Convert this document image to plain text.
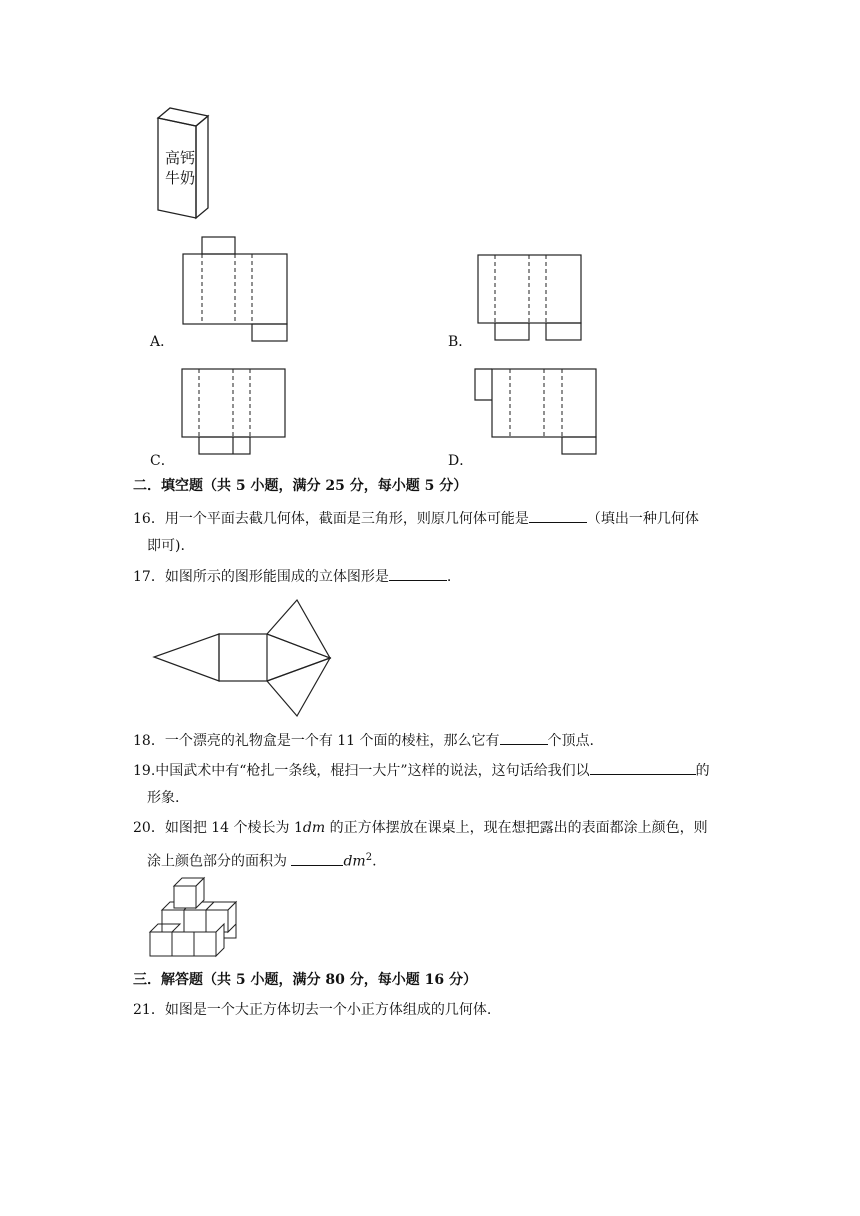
高钙
牛奶
A．	B．
C．	D．
二．填空题（共 5 小题，满分 25 分，每小题 5 分）
16．用一个平面去截几何体，截面是三角形，则原几何体可能是	（填出一种几何体
即可).
17．如图所示的图形能围成的立体图形是	.
18．一个漂亮的礼物盒是一个有 11 个面的棱柱，那么它有	个顶点.
19.中国武术中有“枪扎一条线，棍扫一大片”这样的说法，这句话给我们以	的
形象.
20．如图把 14 个棱长为 1dm 的正方体摆放在课桌上，现在想把露出的表面都涂上颜色，则
涂上颜色部分的面积为	$dm^2$.
三．解答题（共 5 小题，满分 80 分，每小题 16 分）
21．如图是一个大正方体切去一个小正方体组成的几何体.
